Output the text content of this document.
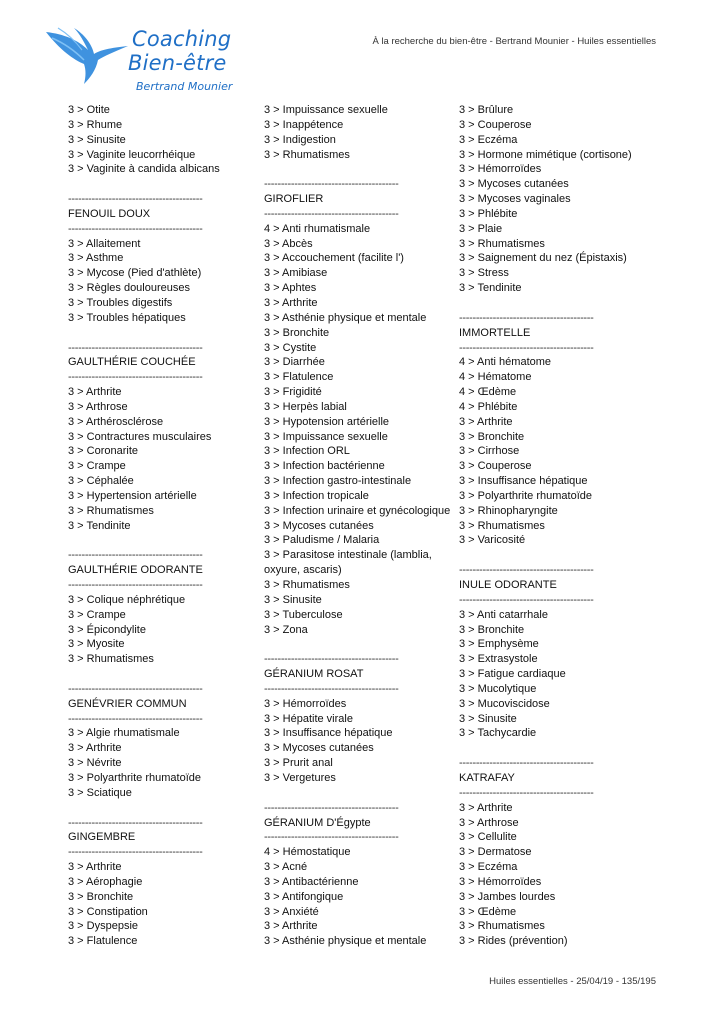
Coaching
Bien-être
Bertrand Mounier
À la recherche du bien-être - Bertrand Mounier - Huiles essentielles
3 > Otite
3 > Rhume
3 > Sinusite
3 > Vaginite leucorrhéique
3 > Vaginite à candida albicans
----------------------------------------
FENOUIL DOUX
----------------------------------------
3 > Allaitement
3 > Asthme
3 > Mycose (Pied d'athlète)
3 > Règles douloureuses
3 > Troubles digestifs
3 > Troubles hépatiques
----------------------------------------
GAULTHÉRIE COUCHÉE
----------------------------------------
3 > Arthrite
3 > Arthrose
3 > Arthérosclérose
3 > Contractures musculaires
3 > Coronarite
3 > Crampe
3 > Céphalée
3 > Hypertension artérielle
3 > Rhumatismes
3 > Tendinite
----------------------------------------
GAULTHÉRIE ODORANTE
----------------------------------------
3 > Colique néphrétique
3 > Crampe
3 > Épicondylite
3 > Myosite
3 > Rhumatismes
----------------------------------------
GENÉVRIER COMMUN
----------------------------------------
3 > Algie rhumatismale
3 > Arthrite
3 > Névrite
3 > Polyarthrite rhumatoïde
3 > Sciatique
----------------------------------------
GINGEMBRE
----------------------------------------
3 > Arthrite
3 > Aérophagie
3 > Bronchite
3 > Constipation
3 > Dyspepsie
3 > Flatulence
3 > Impuissance sexuelle
3 > Inappétence
3 > Indigestion
3 > Rhumatismes
----------------------------------------
GIROFLIER
----------------------------------------
4 > Anti rhumatismale
3 > Abcès
3 > Accouchement (facilite l')
3 > Amibiase
3 > Aphtes
3 > Arthrite
3 > Asthénie physique et mentale
3 > Bronchite
3 > Cystite
3 > Diarrhée
3 > Flatulence
3 > Frigidité
3 > Herpès labial
3 > Hypotension artérielle
3 > Impuissance sexuelle
3 > Infection ORL
3 > Infection bactérienne
3 > Infection gastro-intestinale
3 > Infection tropicale
3 > Infection urinaire et gynécologique
3 > Mycoses cutanées
3 > Paludisme / Malaria
3 > Parasitose intestinale (lamblia,
oxyure, ascaris)
3 > Rhumatismes
3 > Sinusite
3 > Tuberculose
3 > Zona
----------------------------------------
GÉRANIUM ROSAT
----------------------------------------
3 > Hémorroïdes
3 > Hépatite virale
3 > Insuffisance hépatique
3 > Mycoses cutanées
3 > Prurit anal
3 > Vergetures
----------------------------------------
GÉRANIUM D'Égypte
----------------------------------------
4 > Hémostatique
3 > Acné
3 > Antibactérienne
3 > Antifongique
3 > Anxiété
3 > Arthrite
3 > Asthénie physique et mentale
3 > Brûlure
3 > Couperose
3 > Eczéma
3 > Hormone mimétique (cortisone)
3 > Hémorroïdes
3 > Mycoses cutanées
3 > Mycoses vaginales
3 > Phlébite
3 > Plaie
3 > Rhumatismes
3 > Saignement du nez (Épistaxis)
3 > Stress
3 > Tendinite
----------------------------------------
IMMORTELLE
----------------------------------------
4 > Anti hématome
4 > Hématome
4 > Œdème
4 > Phlébite
3 > Arthrite
3 > Bronchite
3 > Cirrhose
3 > Couperose
3 > Insuffisance hépatique
3 > Polyarthrite rhumatoïde
3 > Rhinopharyngite
3 > Rhumatismes
3 > Varicosité
----------------------------------------
INULE ODORANTE
----------------------------------------
3 > Anti catarrhale
3 > Bronchite
3 > Emphysème
3 > Extrasystole
3 > Fatigue cardiaque
3 > Mucolytique
3 > Mucoviscidose
3 > Sinusite
3 > Tachycardie
----------------------------------------
KATRAFAY
----------------------------------------
3 > Arthrite
3 > Arthrose
3 > Cellulite
3 > Dermatose
3 > Eczéma
3 > Hémorroïdes
3 > Jambes lourdes
3 > Œdème
3 > Rhumatismes
3 > Rides (prévention)
Huiles essentielles - 25/04/19 - 135/195
